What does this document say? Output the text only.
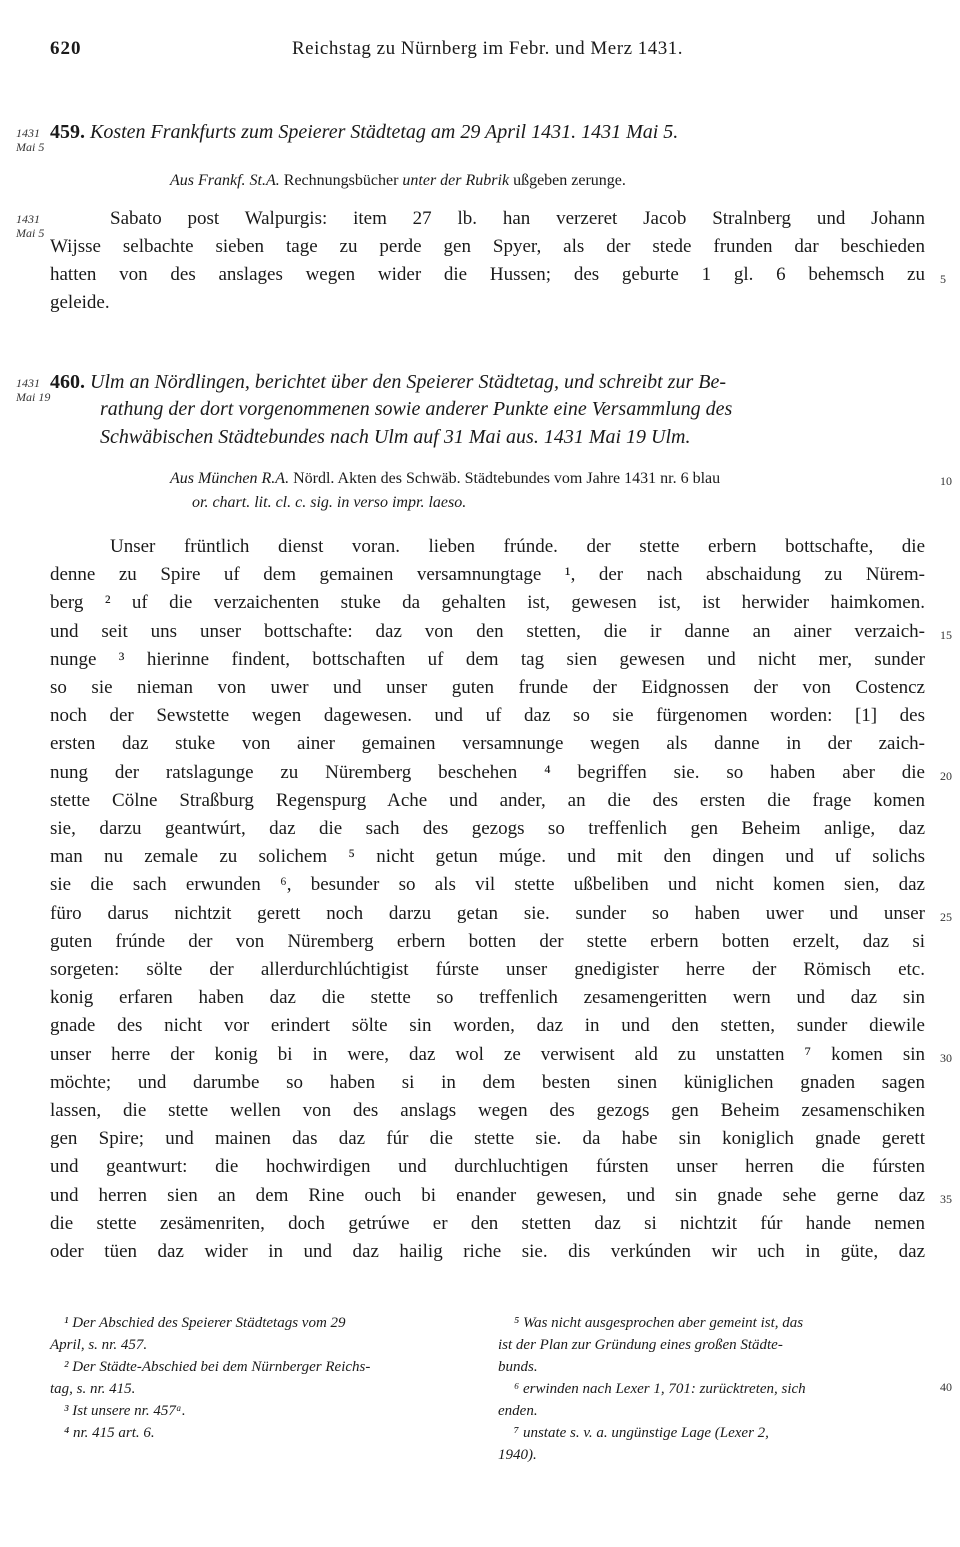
620	Reichstag zu Nürnberg im Febr. und Merz 1431.
1431
Mai 5
459. Kosten Frankfurts zum Speierer Städtetag am 29 April 1431. 1431 Mai 5.
Aus Frankf. St.A. Rechnungsbücher unter der Rubrik ußgeben zerunge.
1431
Mai 5
Sabato post Walpurgis: item 27 lb. han verzeret Jacob Stralnberg und Johann
Wijsse selbachte sieben tage zu perde gen Spyer, als der stede frunden dar beschieden
hatten von des anslages wegen wider die Hussen; des geburte 1 gl. 6 behemsch zu
geleide.
5
1431
Mai 19
460. Ulm an Nördlingen, berichtet über den Speierer Städtetag, und schreibt zur Be-
rathung der dort vorgenommenen sowie anderer Punkte eine Versammlung des
Schwäbischen Städtebundes nach Ulm auf 31 Mai aus. 1431 Mai 19 Ulm.
Aus München R.A. Nördl. Akten des Schwäb. Städtebundes vom Jahre 1431 nr. 6 blau
or. chart. lit. cl. c. sig. in verso impr. laeso.
10
Unser früntlich dienst voran. lieben frúnde. der stette erbern bottschafte, die
denne zu Spire uf dem gemainen versamnungtage ¹, der nach abschaidung zu Nürem-
berg ² uf die verzaichenten stuke da gehalten ist, gewesen ist, ist herwider haimkomen.
und seit uns unser bottschafte: daz von den stetten, die ir danne an ainer verzaich-
nunge ³ hierinne findent, bottschaften uf dem tag sien gewesen und nicht mer, sunder
so sie nieman von uwer und unser guten frunde der Eidgnossen der von Costencz
noch der Sewstette wegen dagewesen. und uf daz so sie fürgenomen worden: [1] des
ersten daz stuke von ainer gemainen versamnunge wegen als danne in der zaich-
nung der ratslagunge zu Nüremberg beschehen ⁴ begriffen sie. so haben aber die
stette Cölne Straßburg Regenspurg Ache und ander, an die des ersten die frage komen
sie, darzu geantwúrt, daz die sach des gezogs so treffenlich gen Beheim anlige, daz
man nu zemale zu solichem ⁵ nicht getun múge. und mit den dingen und uf solichs
sie die sach erwunden ⁶, besunder so als vil stette ußbeliben und nicht komen sien, daz
füro darus nichtzit gerett noch darzu getan sie. sunder so haben uwer und unser
guten frúnde der von Nüremberg erbern botten der stette erbern botten erzelt, daz si
sorgeten: sölte der allerdurchlúchtigist fúrste unser gnedigister herre der Römisch etc.
konig erfaren haben daz die stette so treffenlich zesamengeritten wern und daz sin
gnade des nicht vor erindert sölte sin worden, daz in und den stetten, sunder diewile
unser herre der konig bi in were, daz wol ze verwisent ald zu unstatten ⁷ komen sin
möchte; und darumbe so haben si in dem besten sinen küniglichen gnaden sagen
lassen, die stette wellen von des anslags wegen des gezogs gen Beheim zesamenschiken
gen Spire; und mainen das daz fúr die stette sie. da habe sin koniglich gnade gerett
und geantwurt: die hochwirdigen und durchluchtigen fúrsten unser herren die fúrsten
und herren sien an dem Rine ouch bi enander gewesen, und sin gnade sehe gerne daz
die stette zesämenriten, doch getrúwe er den stetten daz si nichtzit fúr hande nemen
oder tüen daz wider in und daz hailig riche sie. dis verkúnden wir uch in güte, daz
15
20
25
30
35
¹ Der Abschied des Speierer Städtetags vom 29
April, s. nr. 457.
² Der Städte-Abschied bei dem Nürnberger Reichs-
tag, s. nr. 415.
³ Ist unsere nr. 457ᵃ.
⁴ nr. 415 art. 6.
⁵ Was nicht ausgesprochen aber gemeint ist, das
ist der Plan zur Gründung eines großen Städte-
bunds.
⁶ erwinden nach Lexer 1, 701: zurücktreten, sich
enden.
⁷ unstate s. v. a. ungünstige Lage (Lexer 2,
1940).
40
